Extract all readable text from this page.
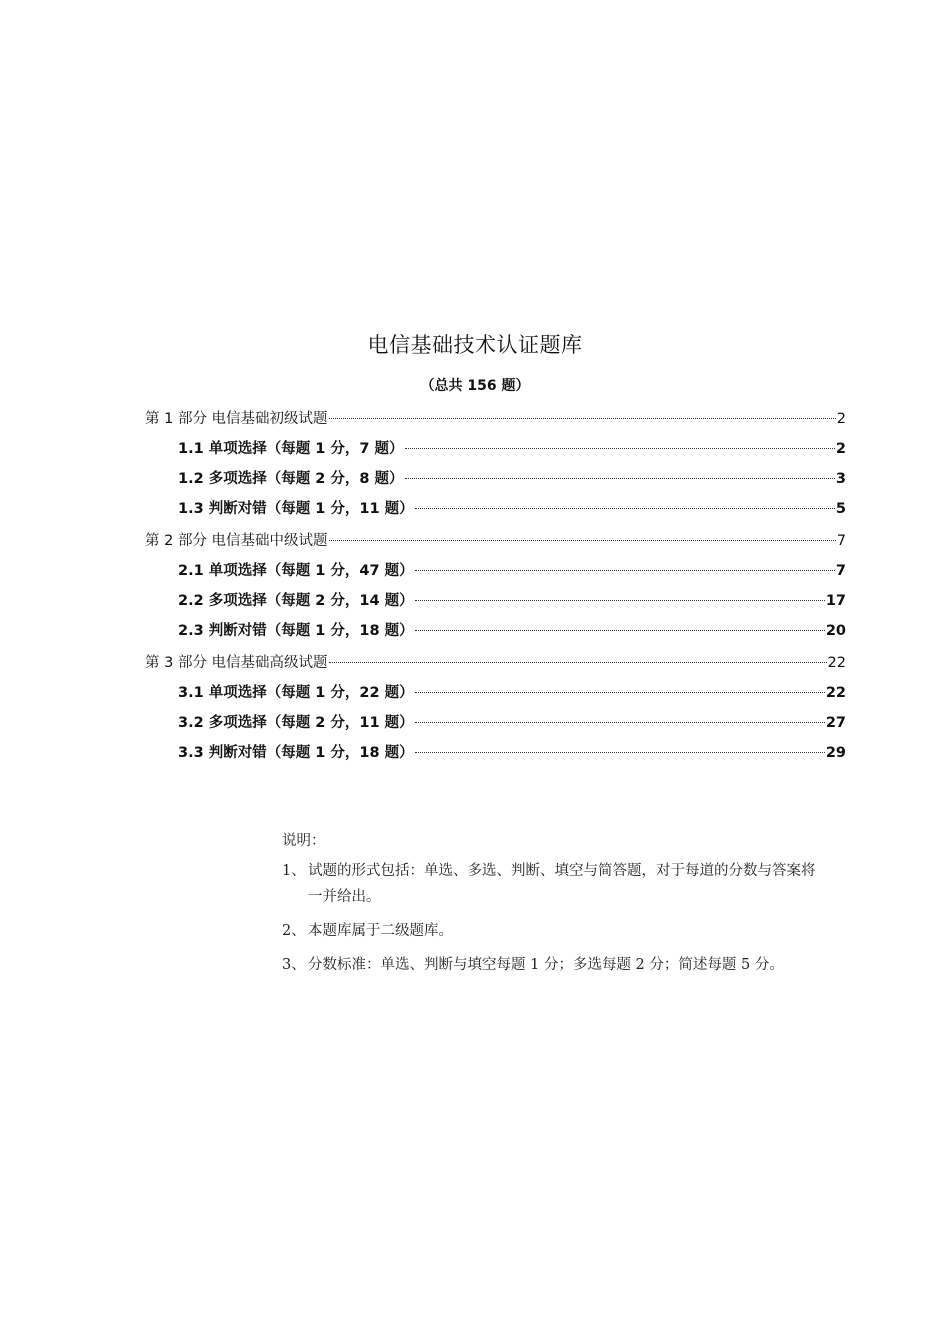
电信基础技术认证题库
（总共 156 题）
第 1 部分 电信基础初级试题	2
1.1 单项选择（每题 1 分，7 题）	2
1.2 多项选择（每题 2 分，8 题）	3
1.3 判断对错（每题 1 分，11 题）	5
第 2 部分 电信基础中级试题	7
2.1 单项选择（每题 1 分，47 题）	7
2.2 多项选择（每题 2 分，14 题）	17
2.3 判断对错（每题 1 分，18 题）	20
第 3 部分 电信基础高级试题	22
3.1 单项选择（每题 1 分，22 题）	22
3.2 多项选择（每题 2 分，11 题）	27
3.3 判断对错（每题 1 分，18 题）	29
说明：
1、 试题的形式包括：单选、多选、判断、填空与简答题，对于每道的分数与答案将一并给出。
2、 本题库属于二级题库。
3、 分数标准：单选、判断与填空每题 1 分；多选每题 2 分；简述每题 5 分。
